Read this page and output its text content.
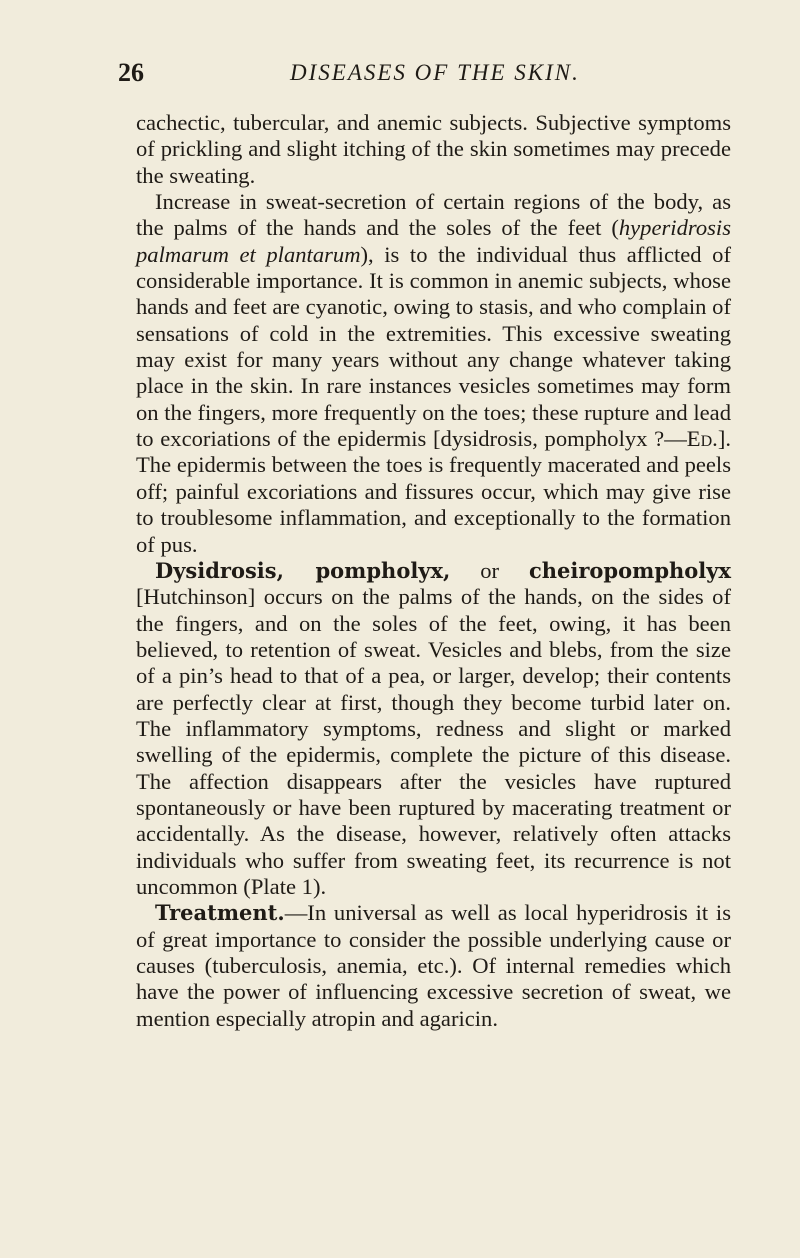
26	DISEASES OF THE SKIN.

cachectic, tubercular, and anemic subjects. Subjective symptoms of prickling and slight itching of the skin sometimes may precede the sweating.

Increase in sweat-secretion of certain regions of the body, as the palms of the hands and the soles of the feet (hyperidrosis palmarum et plantarum), is to the individual thus afflicted of considerable importance. It is common in anemic subjects, whose hands and feet are cyanotic, owing to stasis, and who complain of sensations of cold in the extremities. This excessive sweating may exist for many years without any change whatever taking place in the skin. In rare instances vesicles sometimes may form on the fingers, more frequently on the toes; these rupture and lead to excoriations of the epidermis [dysidrosis, pompholyx ?—Ed.]. The epidermis between the toes is frequently macerated and peels off; painful excoriations and fissures occur, which may give rise to troublesome inflammation, and exceptionally to the formation of pus.

Dysidrosis, pompholyx, or cheiropompholyx [Hutchinson] occurs on the palms of the hands, on the sides of the fingers, and on the soles of the feet, owing, it has been believed, to retention of sweat. Vesicles and blebs, from the size of a pin’s head to that of a pea, or larger, develop; their contents are perfectly clear at first, though they become turbid later on. The inflammatory symptoms, redness and slight or marked swelling of the epidermis, complete the picture of this disease. The affection disappears after the vesicles have ruptured spontaneously or have been ruptured by macerating treatment or accidentally. As the disease, however, relatively often attacks individuals who suffer from sweating feet, its recurrence is not uncommon (Plate 1).

Treatment.—In universal as well as local hyperidrosis it is of great importance to consider the possible underlying cause or causes (tuberculosis, anemia, etc.). Of internal remedies which have the power of influencing excessive secretion of sweat, we mention especially atropin and agaricin.
